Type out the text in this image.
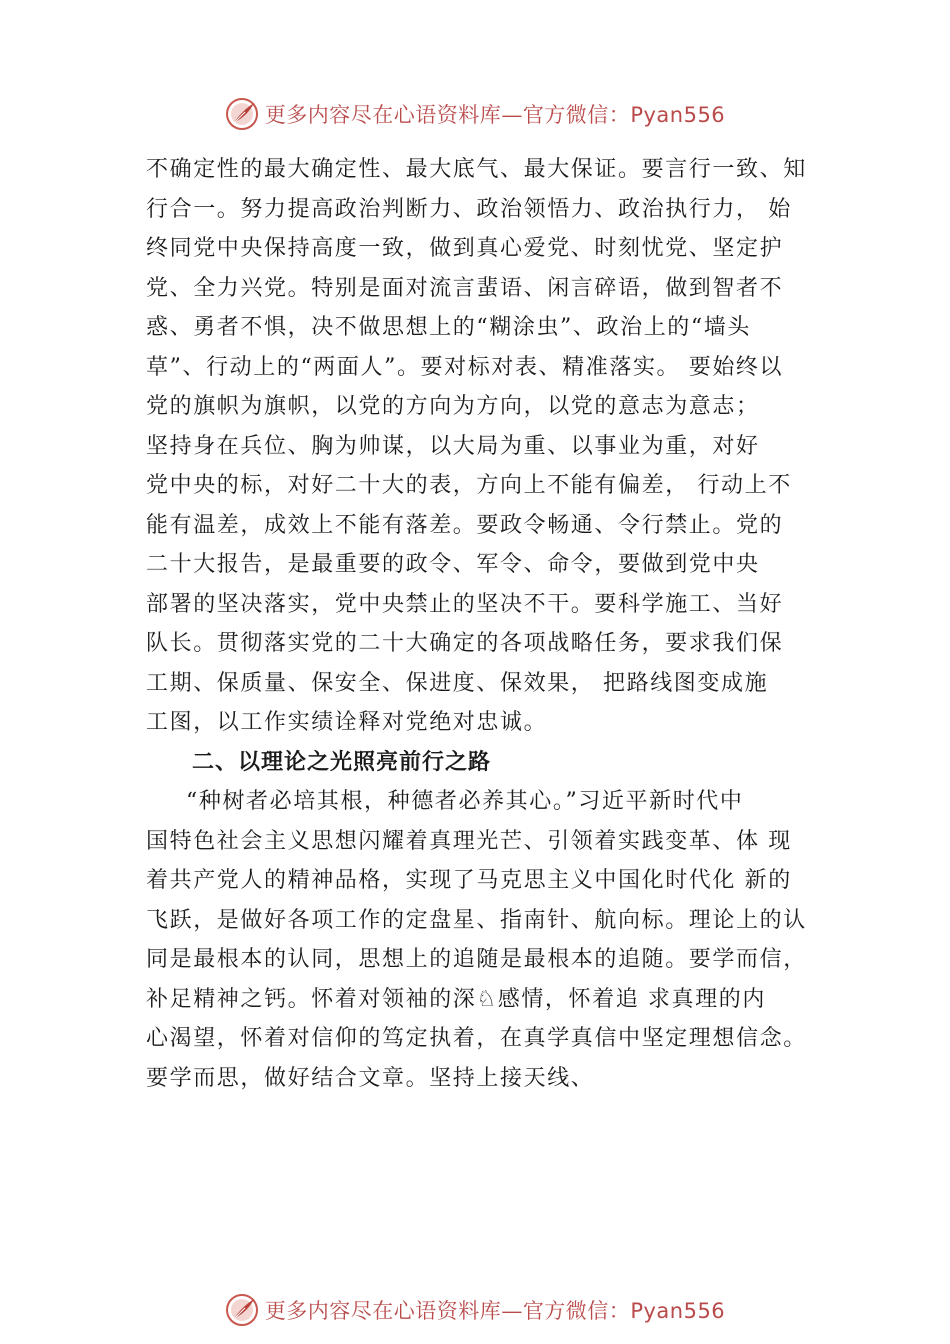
更多内容尽在心语资料库—官方微信：Pyan556
不确定性的最大确定性、最大底气、最大保证。要言行一致、知
行合一。努力提高政治判断力、政治领悟力、政治执行力， 始
终同党中央保持高度一致，做到真心爱党、时刻忧党、坚定护
党、全力兴党。特别是面对流言蜚语、闲言碎语，做到智者不
惑、勇者不惧，决不做思想上的“糊涂虫”、政治上的“墙头
草”、行动上的“两面人”。要对标对表、精准落实。 要始终以
党的旗帜为旗帜，以党的方向为方向，以党的意志为意志；
坚持身在兵位、胸为帅谋，以大局为重、以事业为重，对好
党中央的标，对好二十大的表，方向上不能有偏差， 行动上不
能有温差，成效上不能有落差。要政令畅通、令行禁止。党的
二十大报告，是最重要的政令、军令、命令，要做到党中央
部署的坚决落实，党中央禁止的坚决不干。要科学施工、当好
队长。贯彻落实党的二十大确定的各项战略任务，要求我们保
工期、保质量、保安全、保进度、保效果， 把路线图变成施
工图，以工作实绩诠释对党绝对忠诚。
二、以理论之光照亮前行之路
“种树者必培其根，种德者必养其心。”习近平新时代中
国特色社会主义思想闪耀着真理光芒、引领着实践变革、体 现
着共产党人的精神品格，实现了马克思主义中国化时代化 新的
飞跃，是做好各项工作的定盘星、指南针、航向标。理论上的认
同是最根本的认同，思想上的追随是最根本的追随。要学而信，
补足精神之钙。怀着对领袖的深♘感情，怀着追 求真理的内
心渴望，怀着对信仰的笃定执着，在真学真信中坚定理想信念。
要学而思，做好结合文章。坚持上接天线、
更多内容尽在心语资料库—官方微信：Pyan556
